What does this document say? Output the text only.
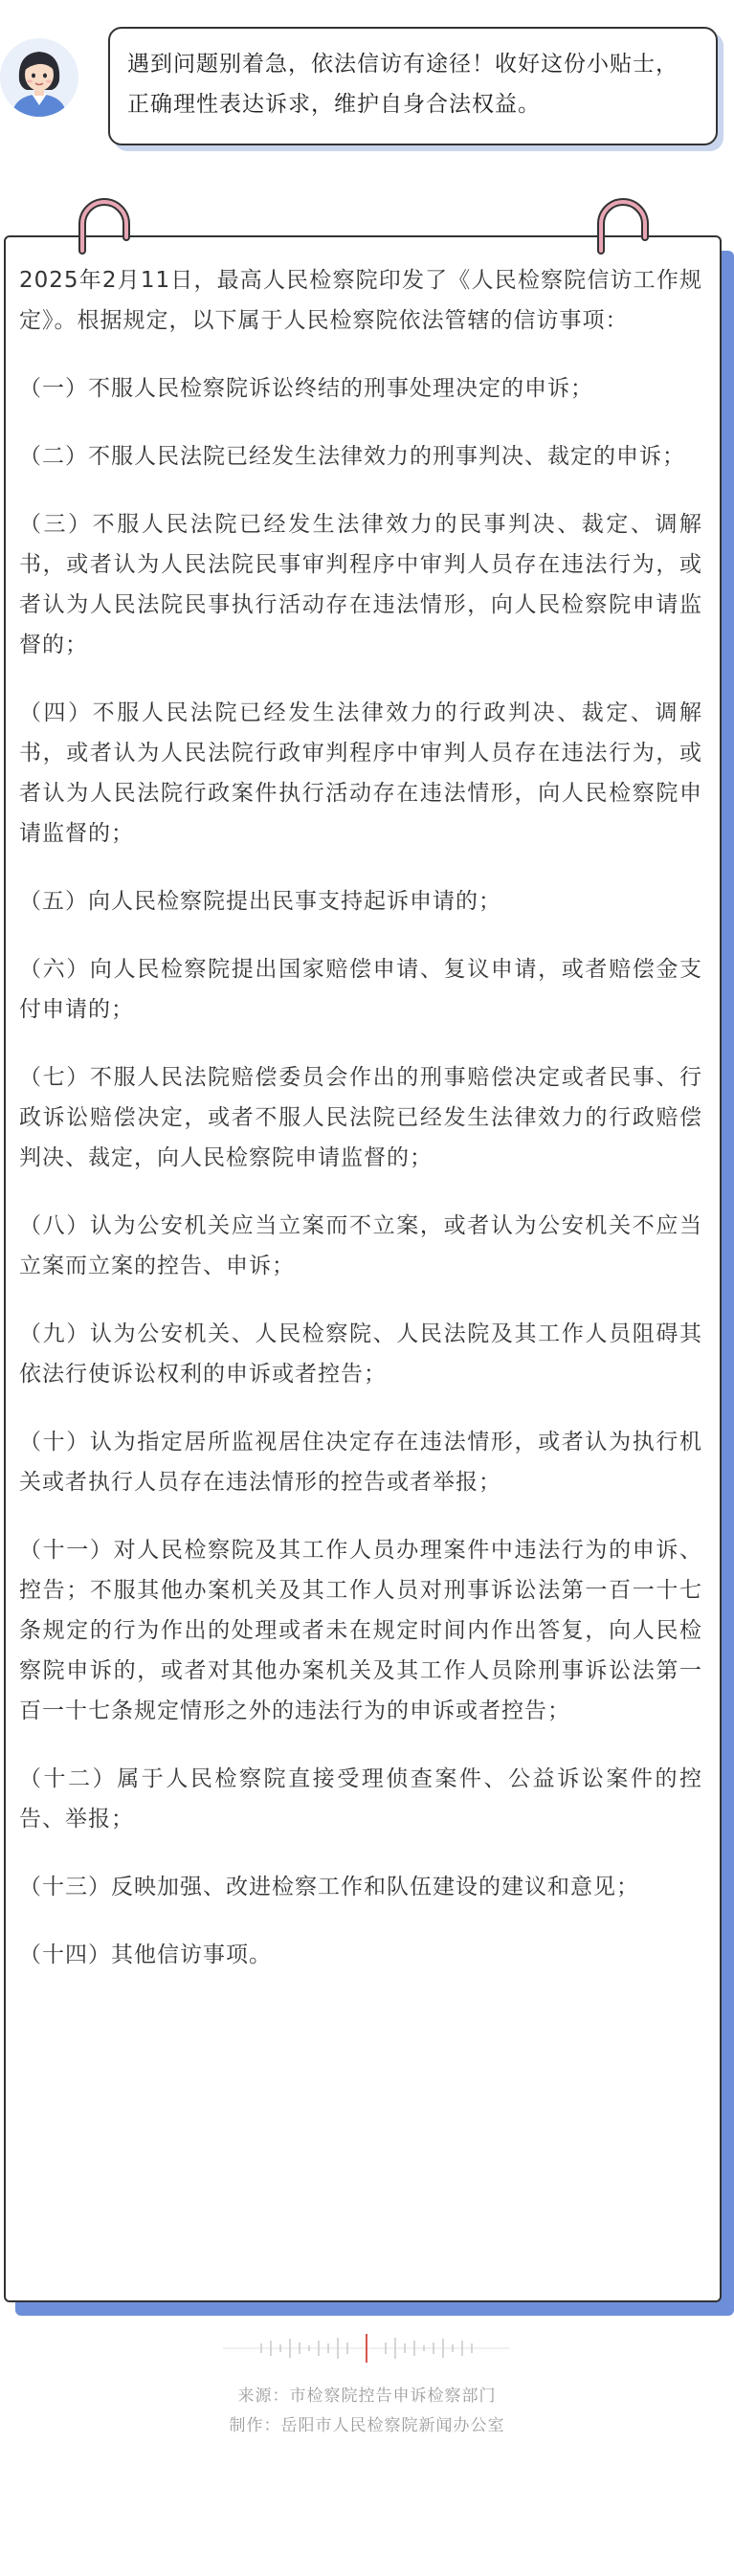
遇到问题别着急，依法信访有途径！收好这份小贴士，正确理性表达诉求，维护自身合法权益。

2025年2月11日，最高人民检察院印发了《人民检察院信访工作规定》。根据规定，以下属于人民检察院依法管辖的信访事项：

（一）不服人民检察院诉讼终结的刑事处理决定的申诉；

（二）不服人民法院已经发生法律效力的刑事判决、裁定的申诉；

（三）不服人民法院已经发生法律效力的民事判决、裁定、调解书，或者认为人民法院民事审判程序中审判人员存在违法行为，或者认为人民法院民事执行活动存在违法情形，向人民检察院申请监督的；

（四）不服人民法院已经发生法律效力的行政判决、裁定、调解书，或者认为人民法院行政审判程序中审判人员存在违法行为，或者认为人民法院行政案件执行活动存在违法情形，向人民检察院申请监督的；

（五）向人民检察院提出民事支持起诉申请的；

（六）向人民检察院提出国家赔偿申请、复议申请，或者赔偿金支付申请的；

（七）不服人民法院赔偿委员会作出的刑事赔偿决定或者民事、行政诉讼赔偿决定，或者不服人民法院已经发生法律效力的行政赔偿判决、裁定，向人民检察院申请监督的；

（八）认为公安机关应当立案而不立案，或者认为公安机关不应当立案而立案的控告、申诉；

（九）认为公安机关、人民检察院、人民法院及其工作人员阻碍其依法行使诉讼权利的申诉或者控告；

（十）认为指定居所监视居住决定存在违法情形，或者认为执行机关或者执行人员存在违法情形的控告或者举报；

（十一）对人民检察院及其工作人员办理案件中违法行为的申诉、控告；不服其他办案机关及其工作人员对刑事诉讼法第一百一十七条规定的行为作出的处理或者未在规定时间内作出答复，向人民检察院申诉的，或者对其他办案机关及其工作人员除刑事诉讼法第一百一十七条规定情形之外的违法行为的申诉或者控告；

（十二）属于人民检察院直接受理侦查案件、公益诉讼案件的控告、举报；

（十三）反映加强、改进检察工作和队伍建设的建议和意见；

（十四）其他信访事项。

来源：市检察院控告申诉检察部门
制作：岳阳市人民检察院新闻办公室
